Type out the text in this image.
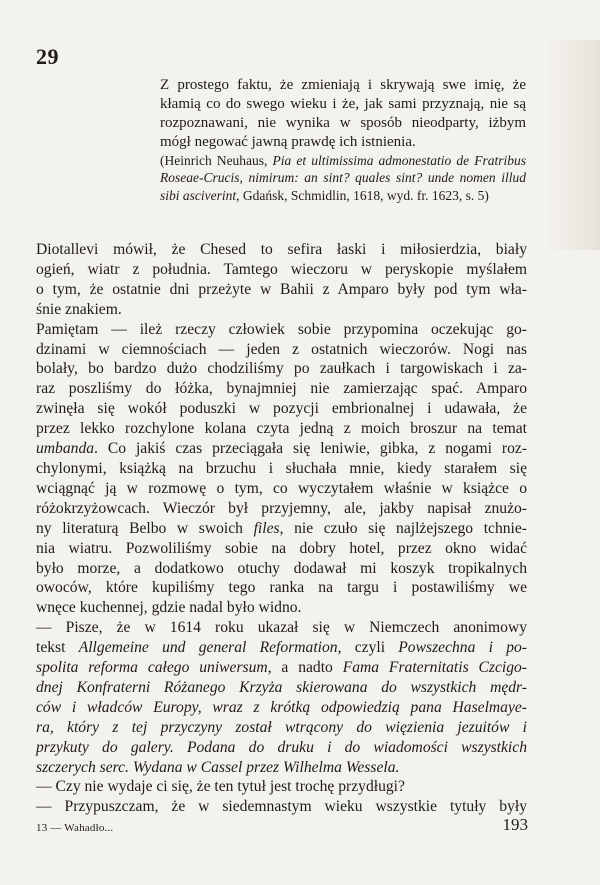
29

Z prostego faktu, że zmieniają i skrywają swe imię, że
kłamią co do swego wieku i że, jak sami przyznają, nie są
rozpoznawani, nie wynika w sposób nieodparty, iżbym
mógł negować jawną prawdę ich istnienia.

(Heinrich Neuhaus, Pia et ultimissima admonestatio de Fratribus
Roseae-Crucis, nimirum: an sint? quales sint? unde nomen illud
sibi asciverint, Gdańsk, Schmidlin, 1618, wyd. fr. 1623, s. 5)

Diotallevi mówił, że Chesed to sefira łaski i miłosierdzia, biały
ogień, wiatr z południa. Tamtego wieczoru w peryskopie myślałem
o tym, że ostatnie dni przeżyte w Bahii z Amparo były pod tym wła-
śnie znakiem.

Pamiętam — ileż rzeczy człowiek sobie przypomina oczekując go-
dzinami w ciemnościach — jeden z ostatnich wieczorów. Nogi nas
bolały, bo bardzo dużo chodziliśmy po zaułkach i targowiskach i za-
raz poszliśmy do łóżka, bynajmniej nie zamierzając spać. Amparo
zwinęła się wokół poduszki w pozycji embrionalnej i udawała, że
przez lekko rozchylone kolana czyta jedną z moich broszur na temat
umbanda. Co jakiś czas przeciągała się leniwie, gibka, z nogami roz-
chylonymi, książką na brzuchu i słuchała mnie, kiedy starałem się
wciągnąć ją w rozmowę o tym, co wyczytałem właśnie w książce o
różokrzyżowcach. Wieczór był przyjemny, ale, jakby napisał znużo-
ny literaturą Belbo w swoich files, nie czuło się najlżejszego tchnie-
nia wiatru. Pozwoliliśmy sobie na dobry hotel, przez okno widać
było morze, a dodatkowo otuchy dodawał mi koszyk tropikalnych
owoców, które kupiliśmy tego ranka na targu i postawiliśmy we
wnęce kuchennej, gdzie nadal było widno.

— Pisze, że w 1614 roku ukazał się w Niemczech anonimowy
tekst Allgemeine und general Reformation, czyli Powszechna i po-
spolita reforma całego uniwersum, a nadto Fama Fraternitatis Czcigo-
dnej Konfraterni Różanego Krzyża skierowana do wszystkich mędr-
ców i władców Europy, wraz z krótką odpowiedzią pana Haselmaye-
ra, który z tej przyczyny został wtrącony do więzienia jezuitów i
przykuty do galery. Podana do druku i do wiadomości wszystkich
szczerych serc. Wydana w Cassel przez Wilhelma Wessela.

— Czy nie wydaje ci się, że ten tytuł jest trochę przydługi?

— Przypuszczam, że w siedemnastym wieku wszystkie tytuły były

13 — Wahadło...	193
